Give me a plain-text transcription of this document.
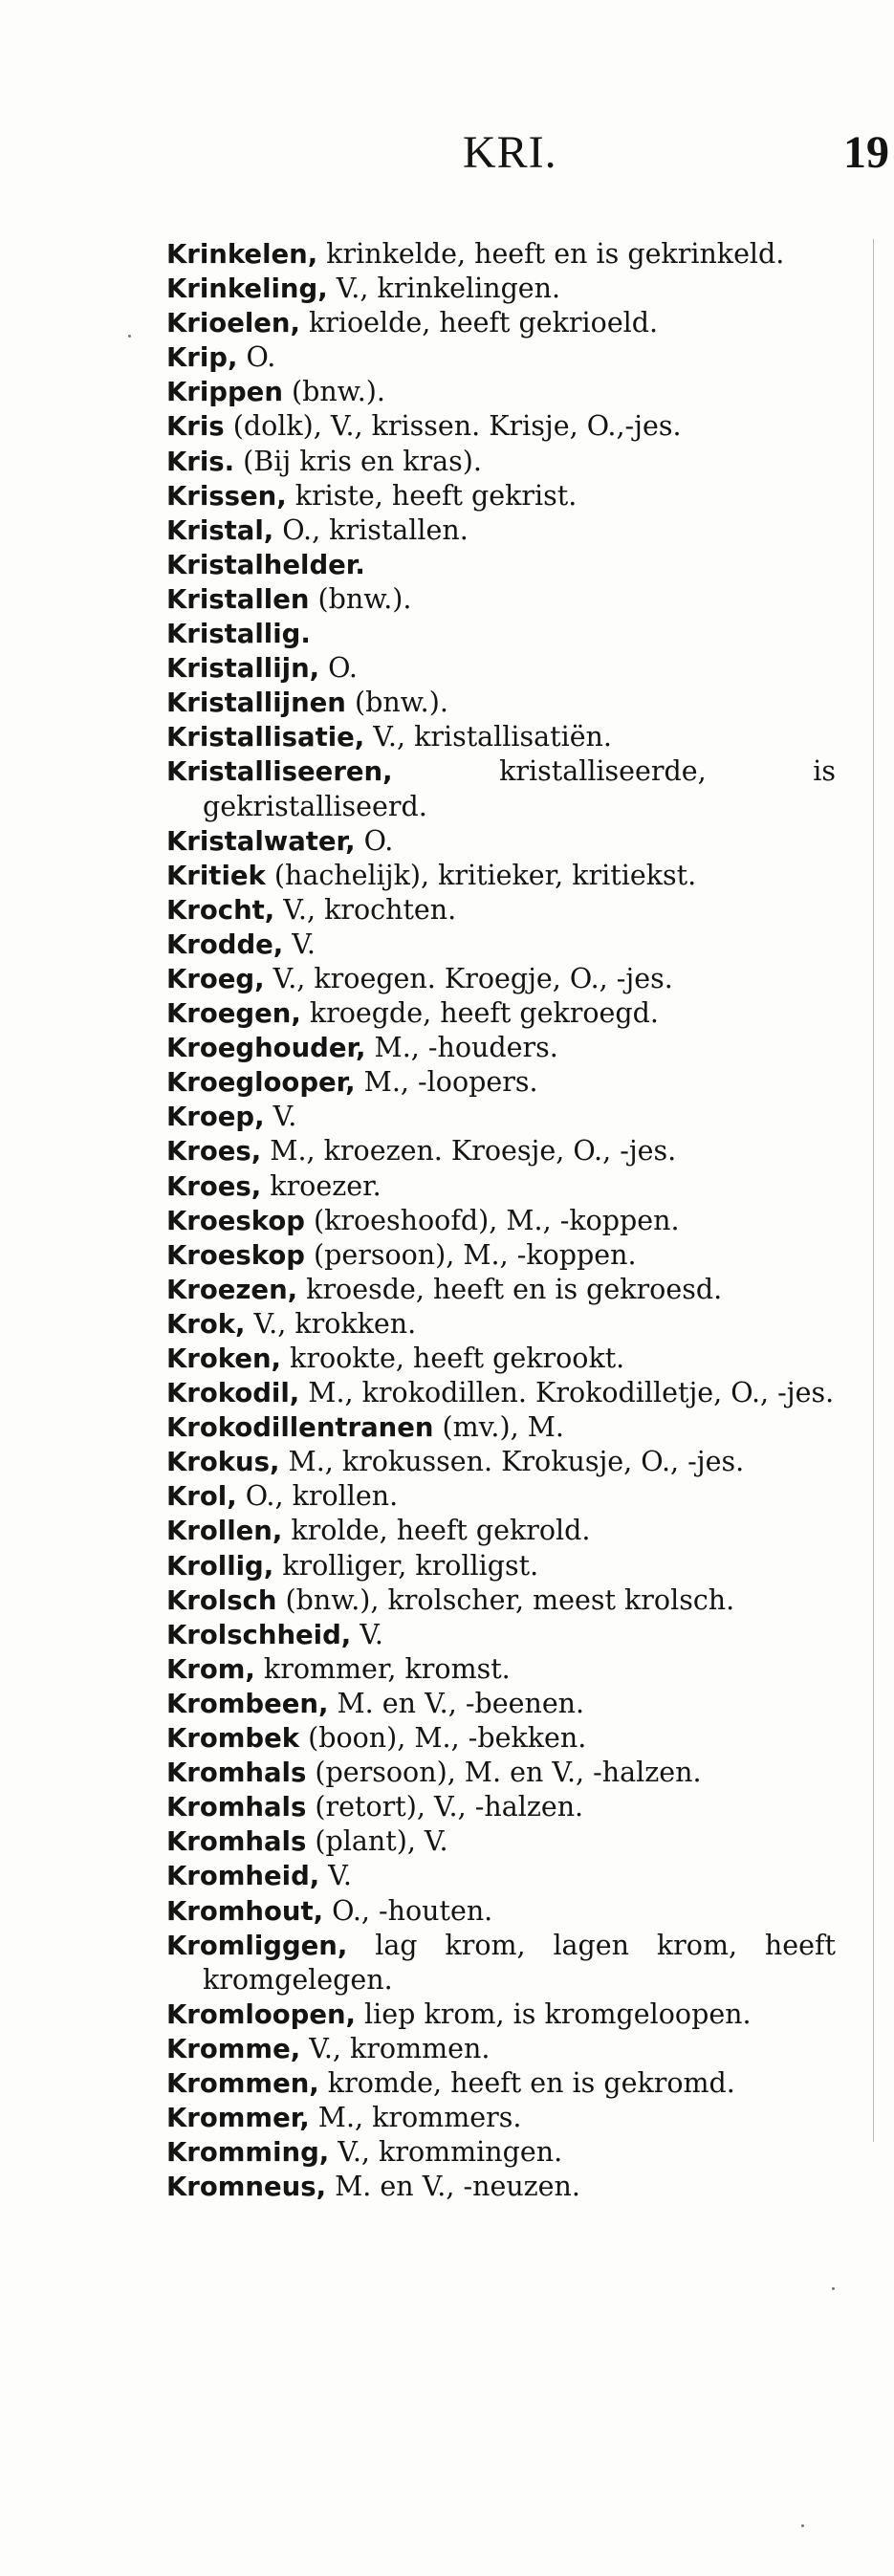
KRI.	19

Krinkelen, krinkelde, heeft en is gekrinkeld.

Krinkeling, V., krinkelingen.

Krioelen, krioelde, heeft gekrioeld.

Krip, O.

Krippen (bnw.).

Kris (dolk), V., krissen. Krisje, O.,-jes.

Kris. (Bij kris en kras).

Krissen, kriste, heeft gekrist.

Kristal, O., kristallen.

Kristalhelder.

Kristallen (bnw.).

Kristallig.

Kristallijn, O.

Kristallijnen (bnw.).

Kristallisatie, V., kristallisatiën.

Kristalliseeren, kristalliseerde, is gekristalliseerd.

Kristalwater, O.

Kritiek (hachelijk), kritieker, kritiekst.

Krocht, V., krochten.

Krodde, V.

Kroeg, V., kroegen. Kroegje, O., -jes.

Kroegen, kroegde, heeft gekroegd.

Kroeghouder, M., -houders.

Kroeglooper, M., -loopers.

Kroep, V.

Kroes, M., kroezen. Kroesje, O., -jes.

Kroes, kroezer.

Kroeskop (kroeshoofd), M., -koppen.

Kroeskop (persoon), M., -koppen.

Kroezen, kroesde, heeft en is gekroesd.

Krok, V., krokken.

Kroken, krookte, heeft gekrookt.

Krokodil, M., krokodillen. Krokodilletje, O., -jes.

Krokodillentranen (mv.), M.

Krokus, M., krokussen. Krokusje, O., -jes.

Krol, O., krollen.

Krollen, krolde, heeft gekrold.

Krollig, krolliger, krolligst.

Krolsch (bnw.), krolscher, meest krolsch.

Krolschheid, V.

Krom, krommer, kromst.

Krombeen, M. en V., -beenen.

Krombek (boon), M., -bekken.

Kromhals (persoon), M. en V., -halzen.

Kromhals (retort), V., -halzen.

Kromhals (plant), V.

Kromheid, V.

Kromhout, O., -houten.

Kromliggen, lag krom, lagen krom, heeft kromgelegen.

Kromloopen, liep krom, is kromgeloopen.

Kromme, V., krommen.

Krommen, kromde, heeft en is gekromd.

Krommer, M., krommers.

Kromming, V., krommingen.

Kromneus, M. en V., -neuzen.
